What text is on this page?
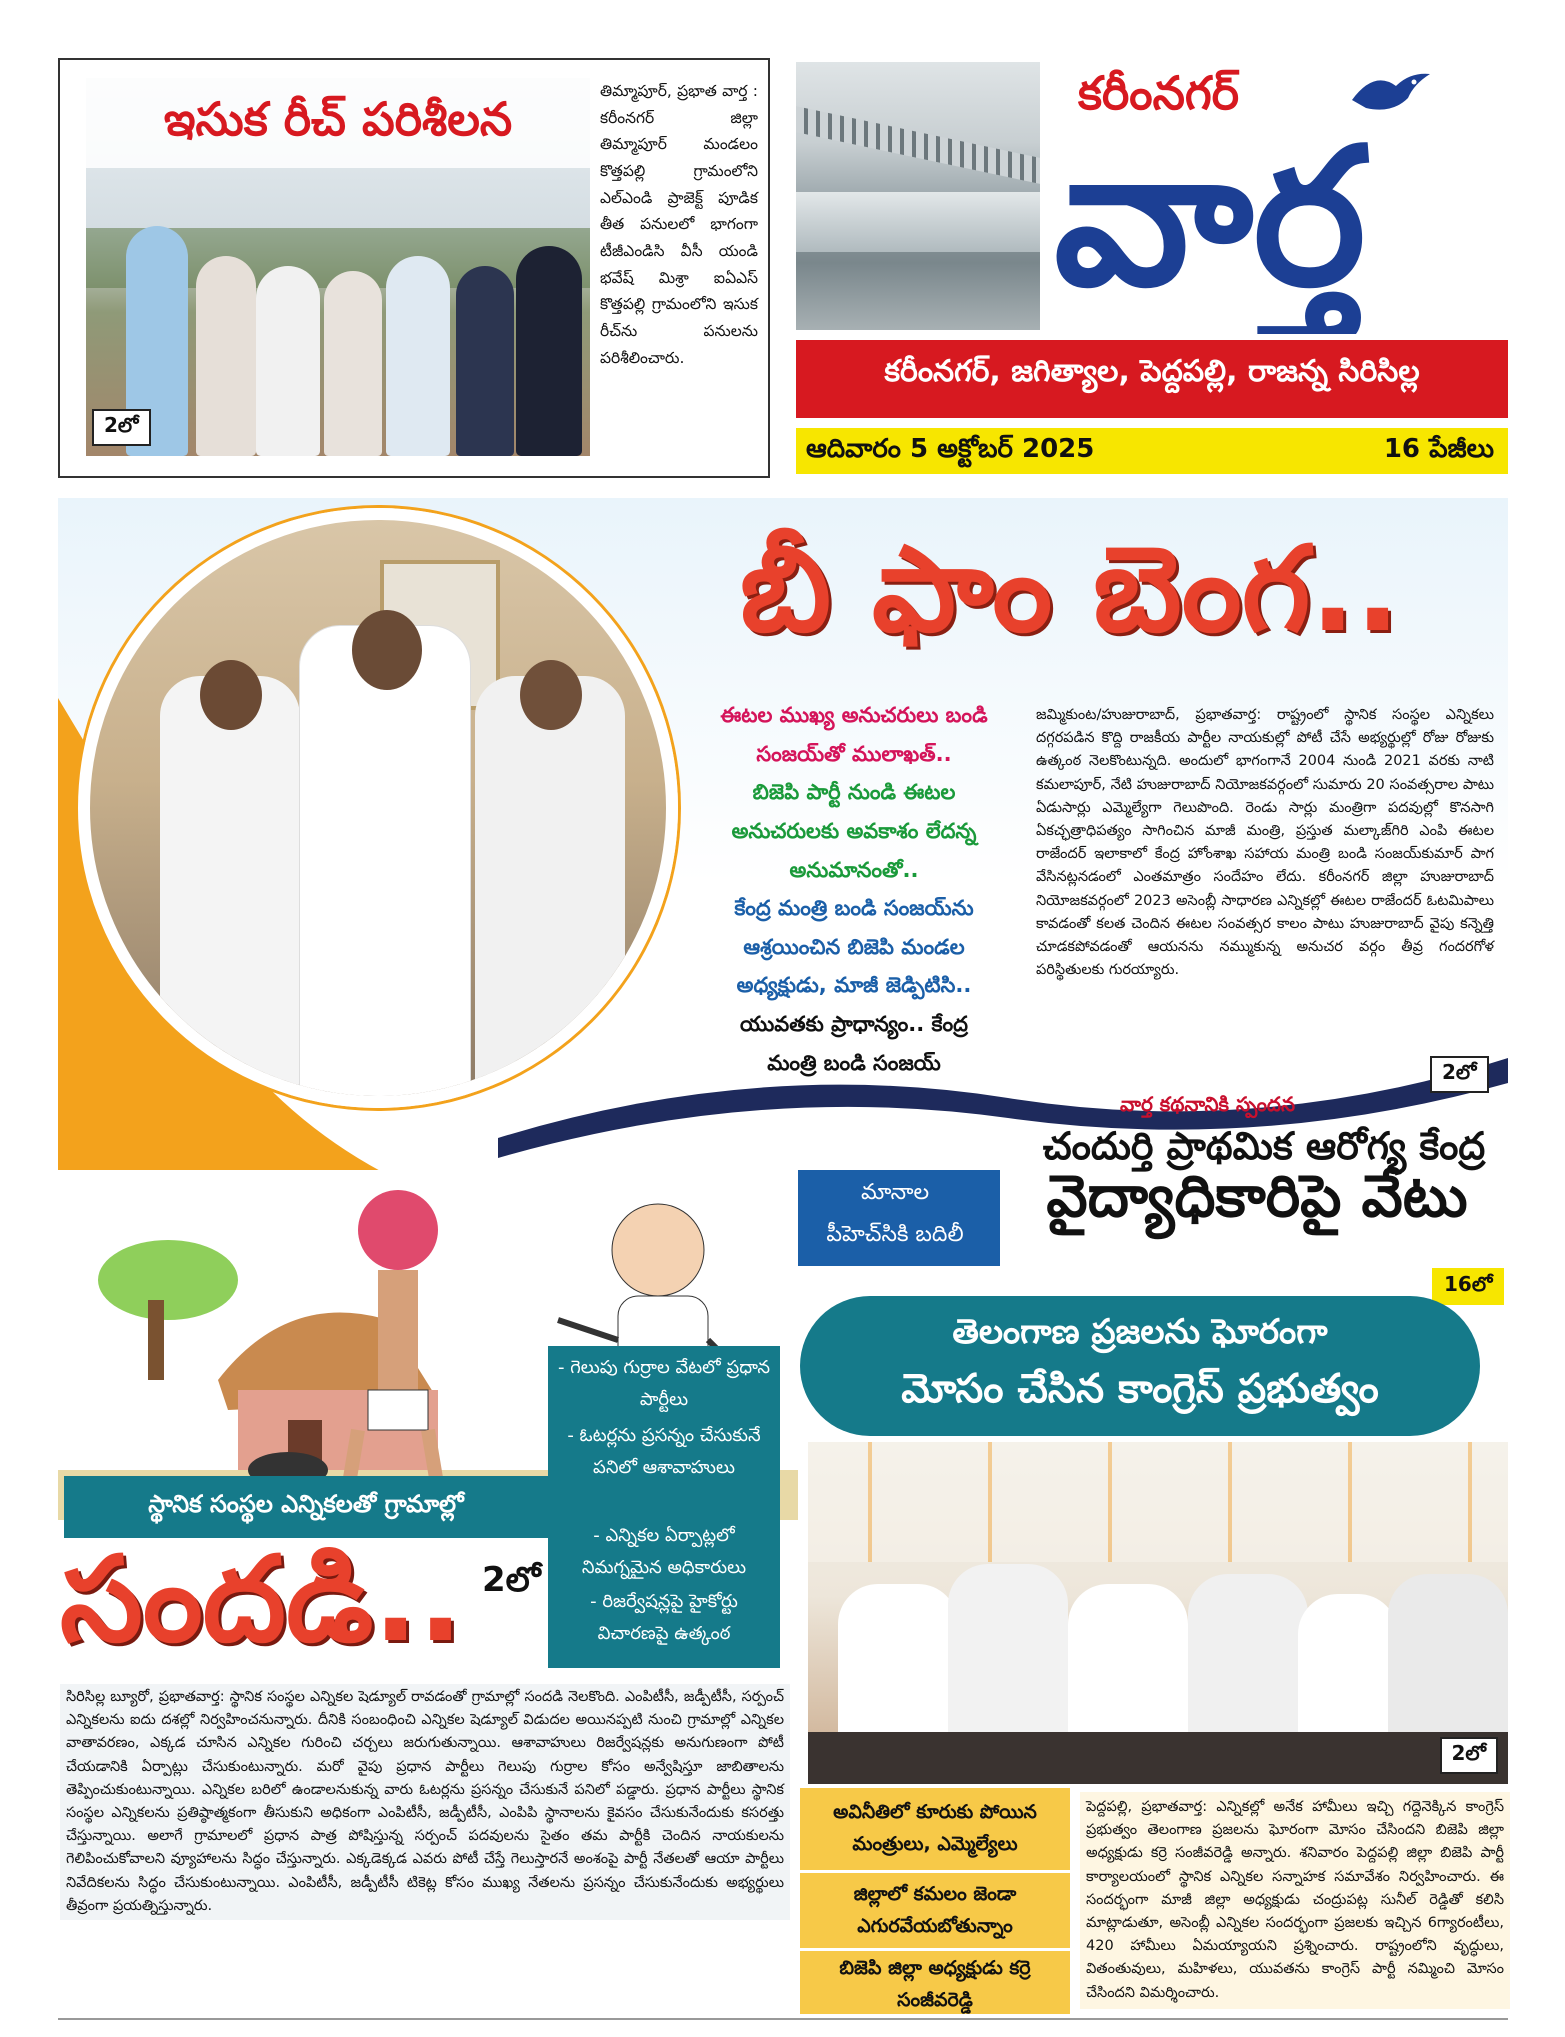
ఇసుక రీచ్ పరిశీలన
2లో
తిమ్మాపూర్, ప్రభాత వార్త : కరీంనగర్ జిల్లా తిమ్మాపూర్ మండలం కొత్తపల్లి గ్రామంలోని ఎల్ఎండి ప్రాజెక్ట్ పూడిక తీత పనులలో భాగంగా టీజీఎండిసి వీసీ యండి భవేష్ మిశ్రా ఐఏఎస్ కొత్తపల్లి గ్రామంలోని ఇసుక రీచ్‌ను పనులను పరిశీలించారు.
కరీంనగర్
వార్త
కరీంనగర్, జగిత్యాల, పెద్దపల్లి, రాజన్న సిరిసిల్ల
ఆదివారం 5 అక్టోబర్ 2025	16 పేజీలు
బీ ఫాం బెంగ..
ఈటల ముఖ్య అనుచరులు బండి
సంజయ్‌తో ములాఖత్..
బిజెపి పార్టీ నుండి ఈటల
అనుచరులకు అవకాశం లేదన్న
అనుమానంతో..
కేంద్ర మంత్రి బండి సంజయ్‌ను
ఆశ్రయించిన బిజెపి మండల
అధ్యక్షుడు, మాజీ జెడ్పిటిసి..
యువతకు ప్రాధాన్యం.. కేంద్ర
మంత్రి బండి సంజయ్
జమ్మికుంట/హుజురాబాద్, ప్రభాతవార్త: రాష్ట్రంలో స్థానిక సంస్థల ఎన్నికలు దగ్గరపడిన కొద్ది రాజకీయ పార్టీల నాయకుల్లో పోటీ చేసే అభ్యర్థుల్లో రోజు రోజుకు ఉత్కంఠ నెలకొంటున్నది. అందులో భాగంగానే 2004 నుండి 2021 వరకు నాటి కమలాపూర్, నేటి హుజురాబాద్ నియోజకవర్గంలో సుమారు 20 సంవత్సరాల పాటు ఏడుసార్లు ఎమ్మెల్యేగా గెలుపొంది. రెండు సార్లు మంత్రిగా పదవుల్లో కొనసాగి ఏకచ్ఛత్రాధిపత్యం సాగించిన మాజీ మంత్రి, ప్రస్తుత మల్కాజ్‌గిరి ఎంపి ఈటల రాజేందర్ ఇలాకాలో కేంద్ర హోంశాఖ సహాయ మంత్రి బండి సంజయ్‌కుమార్ పాగ వేసినట్లనడంలో ఎంతమాత్రం సందేహం లేదు. కరీంనగర్ జిల్లా హుజురాబాద్ నియోజకవర్గంలో 2023 అసెంబ్లీ సాధారణ ఎన్నికల్లో ఈటల రాజేందర్ ఓటమిపాలు కావడంతో కలత చెందిన ఈటల సంవత్సర కాలం పాటు హుజురాబాద్ వైపు కన్నెత్తి చూడకపోవడంతో ఆయనను నమ్ముకున్న అనుచర వర్గం తీవ్ర గందరగోళ పరిస్థితులకు గురయ్యారు.
2లో
వార్త కథనానికి స్పందన
చందుర్తి ప్రాథమిక ఆరోగ్య కేంద్ర
మానాల
పీహెచ్‌సికి బదిలీ
వైద్యాధికారిపై వేటు
16లో
తెలంగాణ ప్రజలను ఘోరంగా
మోసం చేసిన కాంగ్రెస్ ప్రభుత్వం
2లో
అవినీతిలో కూరుకు పోయిన మంత్రులు, ఎమ్మెల్యేలు
జిల్లాలో కమలం జెండా ఎగురవేయబోతున్నాం
బిజెపి జిల్లా అధ్యక్షుడు కర్రె సంజీవరెడ్డి
పెద్దపల్లి, ప్రభాతవార్త: ఎన్నికల్లో అనేక హామీలు ఇచ్చి గద్దెనెక్కిన కాంగ్రెస్ ప్రభుత్వం తెలంగాణ ప్రజలను ఘోరంగా మోసం చేసిందని బిజెపి జిల్లా అధ్యక్షుడు కర్రె సంజీవరెడ్డి అన్నారు. శనివారం పెద్దపల్లి జిల్లా బిజెపి పార్టీ కార్యాలయంలో స్థానిక ఎన్నికల సన్నాహక సమావేశం నిర్వహించారు. ఈ సందర్భంగా మాజీ జిల్లా అధ్యక్షుడు చంద్రుపట్ల సునీల్ రెడ్డితో కలిసి మాట్లాడుతూ, అసెంబ్లీ ఎన్నికల సందర్భంగా ప్రజలకు ఇచ్చిన 6గ్యారంటీలు, 420 హామీలు ఏమయ్యాయని ప్రశ్నించారు. రాష్ట్రంలోని వృద్ధులు, వితంతువులు, మహిళలు, యువతను కాంగ్రెస్ పార్టీ నమ్మించి మోసం చేసిందని విమర్శించారు.
- గెలుపు గుర్రాల వేటలో ప్రధాన పార్టీలు
- ఓటర్లను ప్రసన్నం చేసుకునే పనిలో ఆశావాహులు
- ఎన్నికల ఏర్పాట్లలో నిమగ్నమైన అధికారులు
- రిజర్వేషన్లపై హైకోర్టు విచారణపై ఉత్కంఠ
స్థానిక సంస్థల ఎన్నికలతో గ్రామాల్లో
సందడి.. 2లో
సిరిసిల్ల బ్యూరో, ప్రభాతవార్త: స్థానిక సంస్థల ఎన్నికల షెడ్యూల్ రావడంతో గ్రామాల్లో సందడి నెలకొంది. ఎంపిటీసీ, జడ్పీటీసీ, సర్పంచ్ ఎన్నికలను ఐదు దశల్లో నిర్వహించనున్నారు. దీనికి సంబంధించి ఎన్నికల షెడ్యూల్ విడుదల అయినప్పటి నుంచి గ్రామాల్లో ఎన్నికల వాతావరణం, ఎక్కడ చూసిన ఎన్నికల గురించి చర్చలు జరుగుతున్నాయి. ఆశావాహులు రిజర్వేషన్లకు అనుగుణంగా పోటీ చేయడానికి ఏర్పాట్లు చేసుకుంటున్నారు. మరో వైపు ప్రధాన పార్టీలు గెలుపు గుర్రాల కోసం అన్వేషిస్తూ జాబితాలను తెప్పించుకుంటున్నాయి. ఎన్నికల బరిలో ఉండాలనుకున్న వారు ఓటర్లను ప్రసన్నం చేసుకునే పనిలో పడ్డారు. ప్రధాన పార్టీలు స్థానిక సంస్థల ఎన్నికలను ప్రతిష్ఠాత్మకంగా తీసుకుని అధికంగా ఎంపిటీసీ, జడ్పీటీసీ, ఎంపిపి స్థానాలను కైవసం చేసుకునేందుకు కసరత్తు చేస్తున్నాయి. అలాగే గ్రామాలలో ప్రధాన పాత్ర పోషిస్తున్న సర్పంచ్ పదవులను సైతం తమ పార్టీకి చెందిన నాయకులను గెలిపించుకోవాలని వ్యూహాలను సిద్ధం చేస్తున్నారు. ఎక్కడెక్కడ ఎవరు పోటీ చేస్తే గెలుస్తారనే అంశంపై పార్టీ నేతలతో ఆయా పార్టీలు నివేదికలను సిద్ధం చేసుకుంటున్నాయి. ఎంపిటీసీ, జడ్పీటీసీ టికెట్ల కోసం ముఖ్య నేతలను ప్రసన్నం చేసుకునేందుకు అభ్యర్థులు తీవ్రంగా ప్రయత్నిస్తున్నారు.
